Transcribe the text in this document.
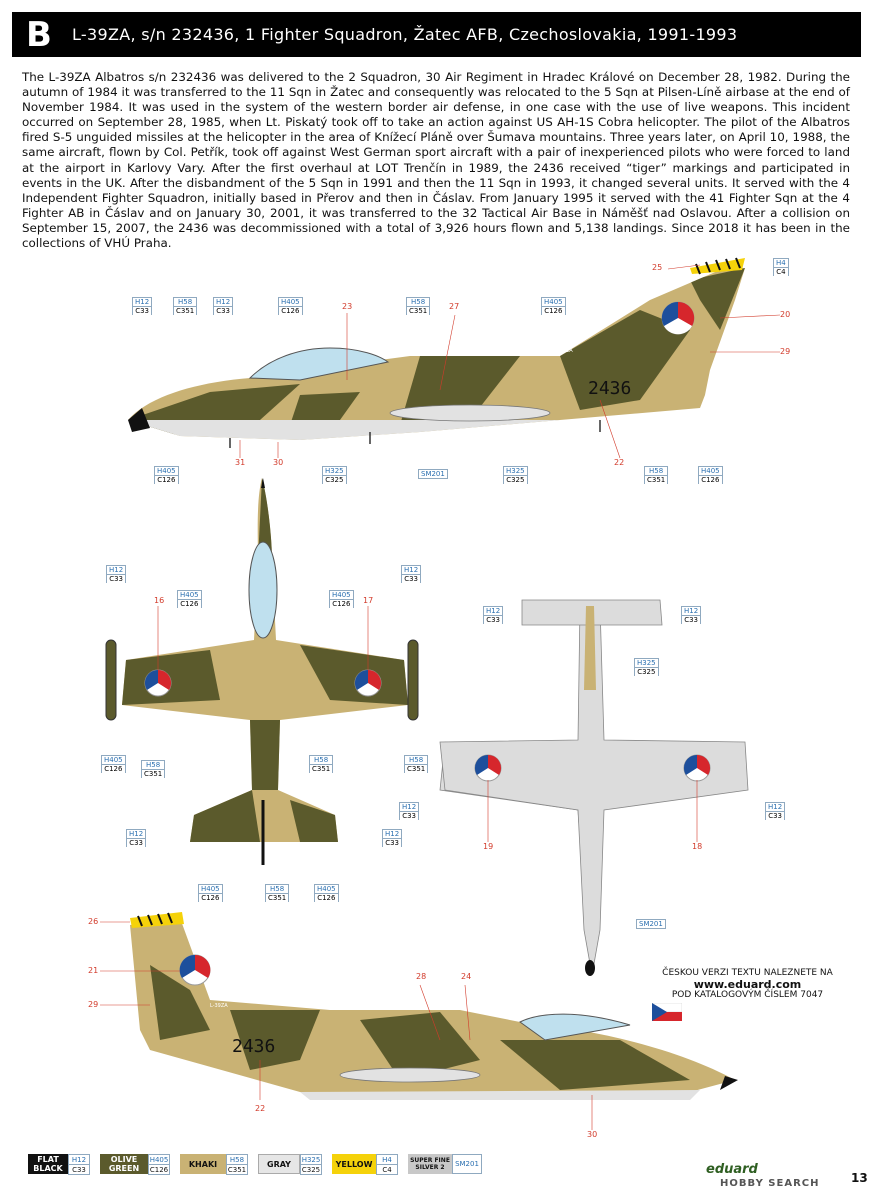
B	L-39ZA, s/n 232436, 1 Fighter Squadron, Žatec AFB, Czechoslovakia, 1991-1993
The L-39ZA Albatros s/n 232436 was delivered to the 2 Squadron, 30 Air Regiment in Hradec Králové on December 28, 1982. During the autumn of 1984 it was transferred to the 11 Sqn in Žatec and consequently was relocated to the 5 Sqn at Pilsen-Líně airbase at the end of November 1984. It was used in the system of the western border air defense, in one case with the use of live weapons. This incident occurred on September 28, 1985, when Lt. Piskatý took off to take an action against US AH-1S Cobra helicopter. The pilot of the Albatros fired S-5 unguided missiles at the helicopter in the area of Knížecí Pláně over Šumava mountains. Three years later, on April 10, 1988, the same aircraft, flown by Col. Petřík, took off against West German sport aircraft with a pair of inexperienced pilots who were forced to land at the airport in Karlovy Vary. After the first overhaul at LOT Trenčín in 1989, the 2436 received “tiger” markings and participated in events in the UK. After the disbandment of the 5 Sqn in 1991 and then the 11 Sqn in 1993, it changed several units. It served with the 4 Independent Fighter Squadron, initially based in Přerov and then in Čáslav. From January 1995 it served with the 41 Fighter Sqn at the 4 Fighter AB in Čáslav and on January 30, 2001, it was transferred to the 32 Tactical Air Base in Náměšť nad Oslavou. After a collision on September 15, 2007, the 2436 was decommissioned with a total of 3,926 hours flown and 5,138 landings. Since 2018 it has been in the collections of VHÚ Praha.
2436
L-39ZA
2436
L-39ZA
H12
C33
H58
C351
H12
C33
H405
C126
H58
C351
H405
C126
H4
C4
H405
C126
H325
C325
H325
C325
H58
C351
H405
C126
SM201
23	27
25
20
29
31	30	22
H12
C33
H405
C126
H405
C126
H12
C33
H405
C126	H58
C351
H58
C351
H58
C351
H12
C33
H12
C33
H405
C126
H58
C351
H405
C126
16	17
H12
C33
H12
C33
H325
C325
H12
C33
H12
C33
SM201
19	18
26
21
29
28	24
22
30
ČESKOU VERZI TEXTU NALEZNETE NA
www.eduard.com
POD KATALOGOVÝM ČÍSLEM 7047
FLAT BLACK
H12
C33
OLIVE GREEN
H405
C126
KHAKI	H58
C351
GRAY	H325
C325
YELLOW	H4
C4
SUPER FINE SILVER 2	SM201	eduard
HOBBY SEARCH	13
